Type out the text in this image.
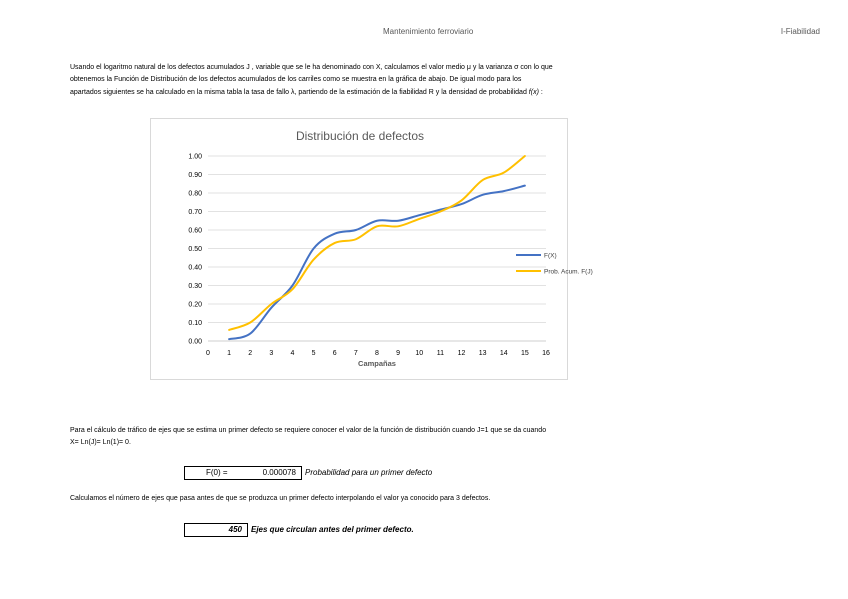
Mantenimiento ferroviario	I-Fiabilidad
Usando el logaritmo natural de los defectos acumulados J , variable que se le ha denominado con X, calculamos el valor medio μ y la varianza σ con lo que
obtenemos la Función de Distribución de los defectos acumulados de los carriles como se muestra en la gráfica de abajo. De igual modo para los
apartados siguientes se ha calculado en la misma tabla la tasa de fallo λ, partiendo de la estimación de la fiabilidad R y la densidad de probabilidad f(x) :
Distribución de defectos
0.00
0.10
0.20
0.30
0.40
0.50
0.60
0.70
0.80
0.90
1.00
0 1 2 3 4 5 6 7 8 9 10 11 12 13 14 15 16
Campañas
F(X)
Prob. Acum. F(J)
Para el cálculo de tráfico de ejes que se estima un primer defecto se requiere conocer el valor de la función de distribución cuando J=1 que se da cuando
X= Ln(J)= Ln(1)= 0.
F(0) =	0.000078 Probabilidad para un primer defecto
Calculamos el número de ejes que pasa antes de que se produzca un primer defecto interpolando el valor ya conocido para 3 defectos.
450 Ejes que circulan antes del primer defecto.
